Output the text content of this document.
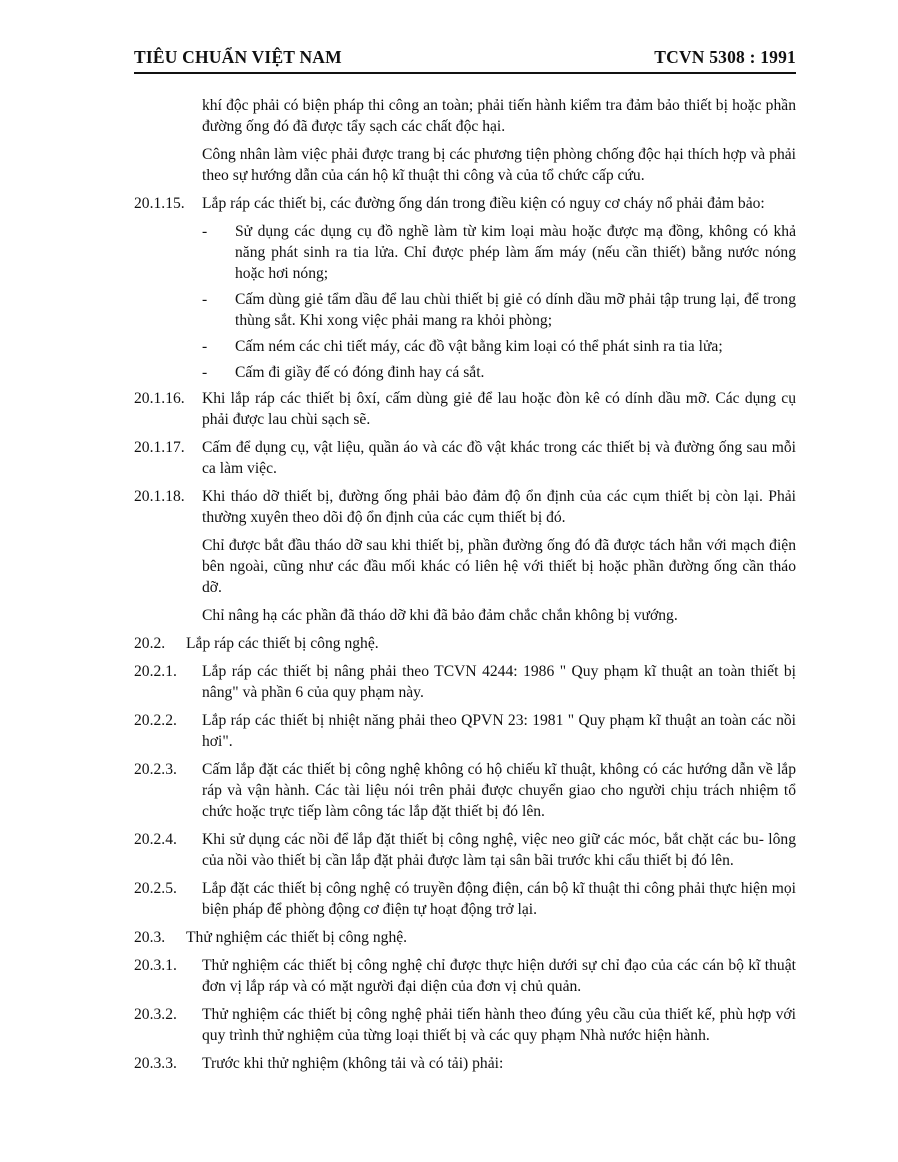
TIÊU CHUẨN VIỆT NAM	TCVN 5308 : 1991

khí độc phải có biện pháp thi công an toàn; phải tiến hành kiểm tra đảm bảo thiết bị hoặc phần đường ống đó đã được tẩy sạch các chất độc hại.

Công nhân làm việc phải được trang bị các phương tiện phòng chống độc hại thích hợp và phải theo sự hướng dẫn của cán hộ kĩ thuật thi công và của tổ chức cấp cứu.

20.1.15.	Lắp ráp các thiết bị, các đường ống dán trong điều kiện có nguy cơ cháy nổ phải đảm bảo:
-	Sử dụng các dụng cụ đồ nghề làm từ kim loại màu hoặc được mạ đồng, không có khả năng phát sinh ra tia lửa. Chỉ được phép làm ấm máy (nếu cần thiết) bằng nước nóng hoặc hơi nóng;
-	Cấm dùng giẻ tẩm dầu để lau chùi thiết bị giẻ có dính dầu mỡ phải tập trung lại, để trong thùng sắt. Khi xong việc phải mang ra khỏi phòng;
-	Cấm ném các chi tiết máy, các đồ vật bằng kim loại có thể phát sinh ra tia lửa;
-	Cấm đi giầy đế có đóng đinh hay cá sắt.
20.1.16.	Khi lắp ráp các thiết bị ôxí, cấm dùng giẻ để lau hoặc đòn kê có dính dầu mỡ. Các dụng cụ phải được lau chùi sạch sẽ.
20.1.17.	Cấm để dụng cụ, vật liệu, quần áo và các đồ vật khác trong các thiết bị và đường ống sau mỗi ca làm việc.
20.1.18.	Khi tháo dỡ thiết bị, đường ống phải bảo đảm độ ổn định của các cụm thiết bị còn lại. Phải thường xuyên theo dõi độ ổn định của các cụm thiết bị đó.

Chỉ được bắt đầu tháo dỡ sau khi thiết bị, phần đường ống đó đã được tách hẳn với mạch điện bên ngoài, cũng như các đầu mối khác có liên hệ với thiết bị hoặc phần đường ống cần tháo dỡ.

Chỉ nâng hạ các phần đã tháo dỡ khi đã bảo đảm chắc chắn không bị vướng.

20.2.	Lắp ráp các thiết bị công nghệ.
20.2.1.	Lắp ráp các thiết bị nâng phải theo TCVN 4244: 1986 " Quy phạm kĩ thuật an toàn thiết bị nâng" và phần 6 của quy phạm này.
20.2.2.	Lắp ráp các thiết bị nhiệt năng phải theo QPVN 23: 1981 " Quy phạm kĩ thuật an toàn các nồi hơi".
20.2.3.	Cấm lắp đặt các thiết bị công nghệ không có hộ chiếu kĩ thuật, không có các hướng dẫn về lắp ráp và vận hành. Các tài liệu nói trên phải được chuyển giao cho người chịu trách nhiệm tổ chức hoặc trực tiếp làm công tác lắp đặt thiết bị đó lên.
20.2.4.	Khi sử dụng các nồi để lắp đặt thiết bị công nghệ, việc neo giữ các móc, bắt chặt các bu- lông của nồi vào thiết bị cần lắp đặt phải được làm tại sân bãi trước khi cẩu thiết bị đó lên.
20.2.5.	Lắp đặt các thiết bị công nghệ có truyền động điện, cán bộ kĩ thuật thi công phải thực hiện mọi biện pháp để phòng động cơ điện tự hoạt động trở lại.
20.3.	Thử nghiệm các thiết bị công nghệ.
20.3.1.	Thử nghiệm các thiết bị công nghệ chỉ được thực hiện dưới sự chỉ đạo của các cán bộ kĩ thuật đơn vị lắp ráp và có mặt người đại diện của đơn vị chủ quản.
20.3.2.	Thử nghiệm các thiết bị công nghệ phải tiến hành theo đúng yêu cầu của thiết kế, phù hợp với quy trình thử nghiệm của từng loại thiết bị và các quy phạm Nhà nước hiện hành.
20.3.3.	Trước khi thử nghiệm (không tải và có tải) phải:
